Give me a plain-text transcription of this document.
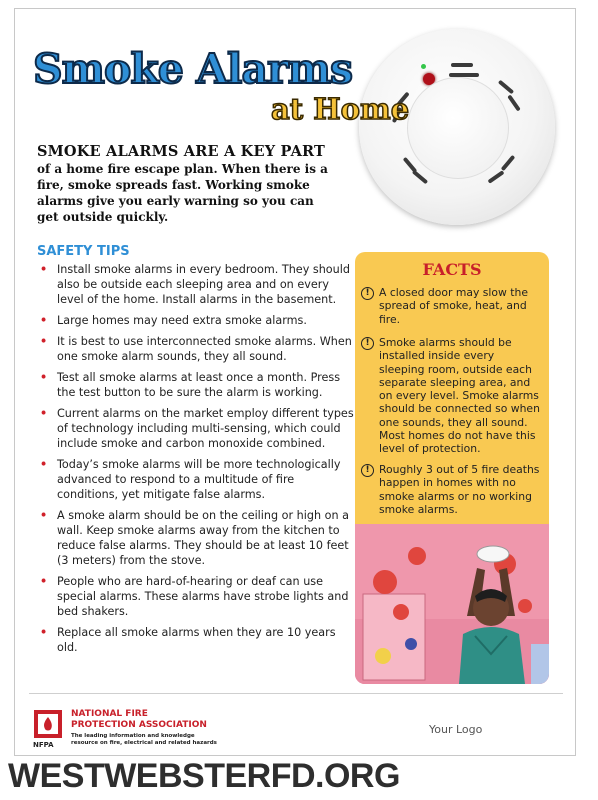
Smoke Alarms
at Home
SMOKE ALARMS ARE A KEY PART
of a home fire escape plan. When there is a fire, smoke spreads fast. Working smoke alarms give you early warning so you can get outside quickly.
SAFETY TIPS
• Install smoke alarms in every bedroom. They should also be outside each sleeping area and on every level of the home. Install alarms in the basement.
• Large homes may need extra smoke alarms.
• It is best to use interconnected smoke alarms. When one smoke alarm sounds, they all sound.
• Test all smoke alarms at least once a month. Press the test button to be sure the alarm is working.
• Current alarms on the market employ different types of technology including multi-sensing, which could include smoke and carbon monoxide combined.
• Today’s smoke alarms will be more technologically advanced to respond to a multitude of fire conditions, yet mitigate false alarms.
• A smoke alarm should be on the ceiling or high on a wall. Keep smoke alarms away from the kitchen to reduce false alarms. They should be at least 10 feet (3 meters) from the stove.
• People who are hard-of-hearing or deaf can use special alarms. These alarms have strobe lights and bed shakers.
• Replace all smoke alarms when they are 10 years old.
FACTS
! A closed door may slow the spread of smoke, heat, and fire.
! Smoke alarms should be installed inside every sleeping room, outside each separate sleeping area, and on every level. Smoke alarms should be connected so when one sounds, they all sound. Most homes do not have this level of protection.
! Roughly 3 out of 5 fire deaths happen in homes with no smoke alarms or no working smoke alarms.
NFPA
NATIONAL FIRE
PROTECTION ASSOCIATION
The leading information and knowledge resource on fire, electrical and related hazards
Your Logo
WESTWEBSTERFD.ORG
